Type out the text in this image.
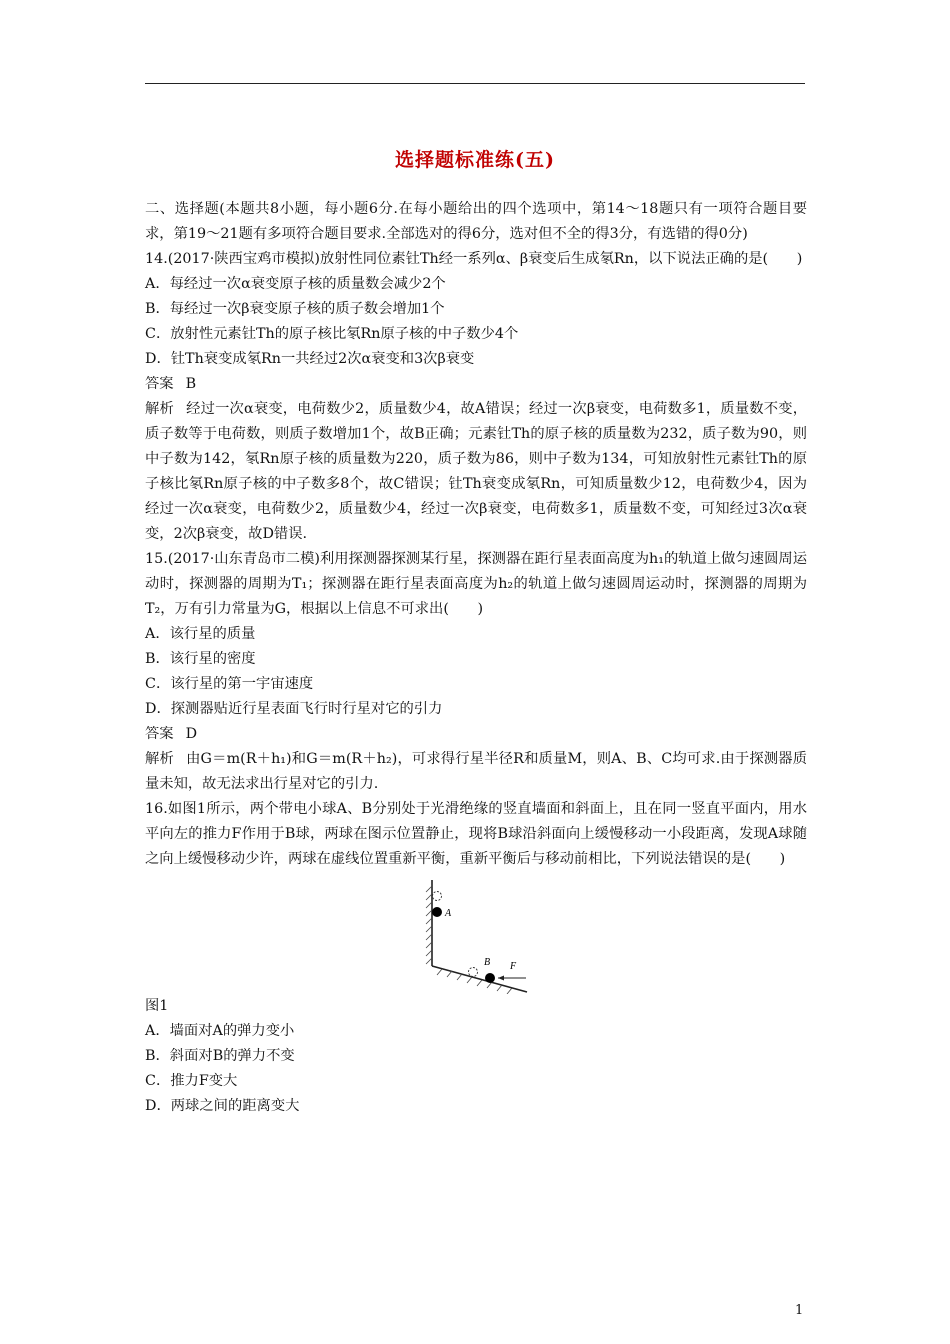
选择题标准练(五)

二、选择题(本题共8小题，每小题6分.在每小题给出的四个选项中，第14～18题只有一项符合题目要求，第19～21题有多项符合题目要求.全部选对的得6分，选对但不全的得3分，有选错的得0分)

14.(2017·陕西宝鸡市模拟)放射性同位素钍Th经一系列α、β衰变后生成氡Rn，以下说法正确的是(　　)

A．每经过一次α衰变原子核的质量数会减少2个

B．每经过一次β衰变原子核的质子数会增加1个

C．放射性元素钍Th的原子核比氡Rn原子核的中子数少4个

D．钍Th衰变成氡Rn一共经过2次α衰变和3次β衰变

答案 B

解析 经过一次α衰变，电荷数少2，质量数少4，故A错误；经过一次β衰变，电荷数多1，质量数不变，质子数等于电荷数，则质子数增加1个，故B正确；元素钍Th的原子核的质量数为232，质子数为90，则中子数为142，氡Rn原子核的质量数为220，质子数为86，则中子数为134，可知放射性元素钍Th的原子核比氡Rn原子核的中子数多8个，故C错误；钍Th衰变成氡Rn，可知质量数少12，电荷数少4，因为经过一次α衰变，电荷数少2，质量数少4，经过一次β衰变，电荷数多1，质量数不变，可知经过3次α衰变，2次β衰变，故D错误.

15.(2017·山东青岛市二模)利用探测器探测某行星，探测器在距行星表面高度为h₁的轨道上做匀速圆周运动时，探测器的周期为T₁；探测器在距行星表面高度为h₂的轨道上做匀速圆周运动时，探测器的周期为T₂，万有引力常量为G，根据以上信息不可求出(　　)

A．该行星的质量

B．该行星的密度

C．该行星的第一宇宙速度

D．探测器贴近行星表面飞行时行星对它的引力

答案 D

解析 由G＝m(R＋h₁)和G＝m(R＋h₂)，可求得行星半径R和质量M，则A、B、C均可求.由于探测器质量未知，故无法求出行星对它的引力.

16.如图1所示，两个带电小球A、B分别处于光滑绝缘的竖直墙面和斜面上，且在同一竖直平面内，用水平向左的推力F作用于B球，两球在图示位置静止，现将B球沿斜面向上缓慢移动一小段距离，发现A球随之向上缓慢移动少许，两球在虚线位置重新平衡，重新平衡后与移动前相比，下列说法错误的是(　　)

A
B F

图1

A．墙面对A的弹力变小

B．斜面对B的弹力不变

C．推力F变大

D．两球之间的距离变大

1
